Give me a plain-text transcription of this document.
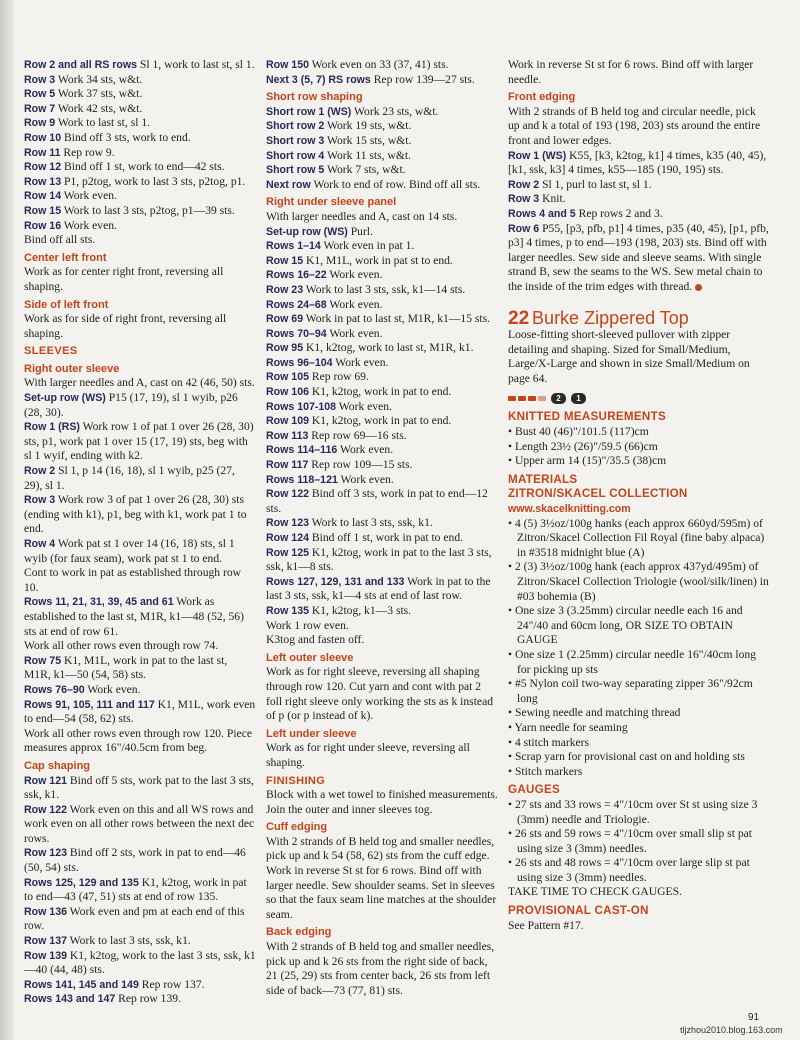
Row 2 and all RS rows Sl 1, work to last st, sl 1.

Row 3 Work 34 sts, w&t.

Row 5 Work 37 sts, w&t.

Row 7 Work 42 sts, w&t.

Row 9 Work to last st, sl 1.

Row 10 Bind off 3 sts, work to end.

Row 11 Rep row 9.

Row 12 Bind off 1 st, work to end—42 sts.

Row 13 P1, p2tog, work to last 3 sts, p2tog, p1.

Row 14 Work even.

Row 15 Work to last 3 sts, p2tog, p1—39 sts.

Row 16 Work even.

Bind off all sts.

Center left front

Work as for center right front, reversing all shaping.

Side of left front

Work as for side of right front, reversing all shaping.

SLEEVES
Right outer sleeve

With larger needles and A, cast on 42 (46, 50) sts.

Set-up row (WS) P15 (17, 19), sl 1 wyib, p26 (28, 30).

Row 1 (RS) Work row 1 of pat 1 over 26 (28, 30) sts, p1, work pat 1 over 15 (17, 19) sts, beg with sl 1 wyif, ending with k2.

Row 2 Sl 1, p 14 (16, 18), sl 1 wyib, p25 (27, 29), sl 1.

Row 3 Work row 3 of pat 1 over 26 (28, 30) sts (ending with k1), p1, beg with k1, work pat 1 to end.

Row 4 Work pat st 1 over 14 (16, 18) sts, sl 1 wyib (for faux seam), work pat st 1 to end.

Cont to work in pat as established through row 10.

Rows 11, 21, 31, 39, 45 and 61 Work as established to the last st, M1R, k1—48 (52, 56) sts at end of row 61.

Work all other rows even through row 74.

Row 75 K1, M1L, work in pat to the last st, M1R, k1—50 (54, 58) sts.

Rows 76–90 Work even.

Rows 91, 105, 111 and 117 K1, M1L, work even to end—54 (58, 62) sts.

Work all other rows even through row 120. Piece measures approx 16"/40.5cm from beg.

Cap shaping

Row 121 Bind off 5 sts, work pat to the last 3 sts, ssk, k1.

Row 122 Work even on this and all WS rows and work even on all other rows between the next dec rows.

Row 123 Bind off 2 sts, work in pat to end—46 (50, 54) sts.

Rows 125, 129 and 135 K1, k2tog, work in pat to end—43 (47, 51) sts at end of row 135.

Row 136 Work even and pm at each end of this row.

Row 137 Work to last 3 sts, ssk, k1.

Row 139 K1, k2tog, work to the last 3 sts, ssk, k1—40 (44, 48) sts.

Rows 141, 145 and 149 Rep row 137.

Rows 143 and 147 Rep row 139.

Row 150 Work even on 33 (37, 41) sts.

Next 3 (5, 7) RS rows Rep row 139—27 sts.

Short row shaping

Short row 1 (WS) Work 23 sts, w&t.

Short row 2 Work 19 sts, w&t.

Short row 3 Work 15 sts, w&t.

Short row 4 Work 11 sts, w&t.

Short row 5 Work 7 sts, w&t.

Next row Work to end of row. Bind off all sts.

Right under sleeve panel

With larger needles and A, cast on 14 sts.

Set-up row (WS) Purl.

Rows 1–14 Work even in pat 1.

Row 15 K1, M1L, work in pat st to end.

Rows 16–22 Work even.

Row 23 Work to last 3 sts, ssk, k1—14 sts.

Rows 24–68 Work even.

Row 69 Work in pat to last st, M1R, k1—15 sts.

Rows 70–94 Work even.

Row 95 K1, k2tog, work to last st, M1R, k1.

Rows 96–104 Work even.

Row 105 Rep row 69.

Row 106 K1, k2tog, work in pat to end.

Rows 107-108 Work even.

Row 109 K1, k2tog, work in pat to end.

Row 113 Rep row 69—16 sts.

Rows 114–116 Work even.

Row 117 Rep row 109—15 sts.

Rows 118–121 Work even.

Row 122 Bind off 3 sts, work in pat to end—12 sts.

Row 123 Work to last 3 sts, ssk, k1.

Row 124 Bind off 1 st, work in pat to end.

Row 125 K1, k2tog, work in pat to the last 3 sts, ssk, k1—8 sts.

Rows 127, 129, 131 and 133 Work in pat to the last 3 sts, ssk, k1—4 sts at end of last row.

Row 135 K1, k2tog, k1—3 sts.

Work 1 row even.

K3tog and fasten off.

Left outer sleeve

Work as for right sleeve, reversing all shaping through row 120. Cut yarn and cont with pat 2 foll right sleeve only working the sts as k instead of p (or p instead of k).

Left under sleeve

Work as for right under sleeve, reversing all shaping.

FINISHING

Block with a wet towel to finished measurements. Join the outer and inner sleeves tog.

Cuff edging

With 2 strands of B held tog and smaller needles, pick up and k 54 (58, 62) sts from the cuff edge. Work in reverse St st for 6 rows. Bind off with larger needle. Sew shoulder seams. Set in sleeves so that the faux seam line matches at the shoulder seam.

Back edging

With 2 strands of B held tog and smaller needles, pick up and k 26 sts from the right side of back, 21 (25, 29) sts from center back, 26 sts from left side of back—73 (77, 81) sts.

Work in reverse St st for 6 rows. Bind off with larger needle.

Front edging

With 2 strands of B held tog and circular needle, pick up and k a total of 193 (198, 203) sts around the entire front and lower edges.

Row 1 (WS) K55, [k3, k2tog, k1] 4 times, k35 (40, 45), [k1, ssk, k3] 4 times, k55—185 (190, 195) sts.

Row 2 Sl 1, purl to last st, sl 1.

Row 3 Knit.

Rows 4 and 5 Rep rows 2 and 3.

Row 6 P55, [p3, pfb, p1] 4 times, p35 (40, 45), [p1, pfb, p3] 4 times, p to end—193 (198, 203) sts. Bind off with larger needles. Sew side and sleeve seams. With single strand B, sew the seams to the WS. Sew metal chain to the inside of the trim edges with thread.

22 Burke Zippered Top

Loose-fitting short-sleeved pullover with zipper detailing and shaping. Sized for Small/Medium, Large/X-Large and shown in size Small/Medium on page 64.

2	1
KNITTED MEASUREMENTS

• Bust 40 (46)"/101.5 (117)cm

• Length 23½ (26)"/59.5 (66)cm

• Upper arm 14 (15)"/35.5 (38)cm

MATERIALS
ZITRON/SKACEL COLLECTION
www.skacelknitting.com

• 4 (5) 3½oz/100g hanks (each approx 660yd/595m) of Zitron/Skacel Collection Fil Royal (fine baby alpaca) in #3518 midnight blue (A)

• 2 (3) 3½oz/100g hank (each approx 437yd/495m) of Zitron/Skacel Collection Triologie (wool/silk/linen) in #03 bohemia (B)

• One size 3 (3.25mm) circular needle each 16 and 24"/40 and 60cm long, OR SIZE TO OBTAIN GAUGE

• One size 1 (2.25mm) circular needle 16"/40cm long for picking up sts

• #5 Nylon coil two-way separating zipper 36"/92cm long

• Sewing needle and matching thread

• Yarn needle for seaming

• 4 stitch markers

• Scrap yarn for provisional cast on and holding sts

• Stitch markers

GAUGES

• 27 sts and 33 rows = 4"/10cm over St st using size 3 (3mm) needle and Triologie.

• 26 sts and 59 rows = 4"/10cm over small slip st pat using size 3 (3mm) needles.

• 26 sts and 48 rows = 4"/10cm over large slip st pat using size 3 (3mm) needles.

TAKE TIME TO CHECK GAUGES.

PROVISIONAL CAST-ON

See Pattern #17.

91
tljzhou2010.blog.163.com
